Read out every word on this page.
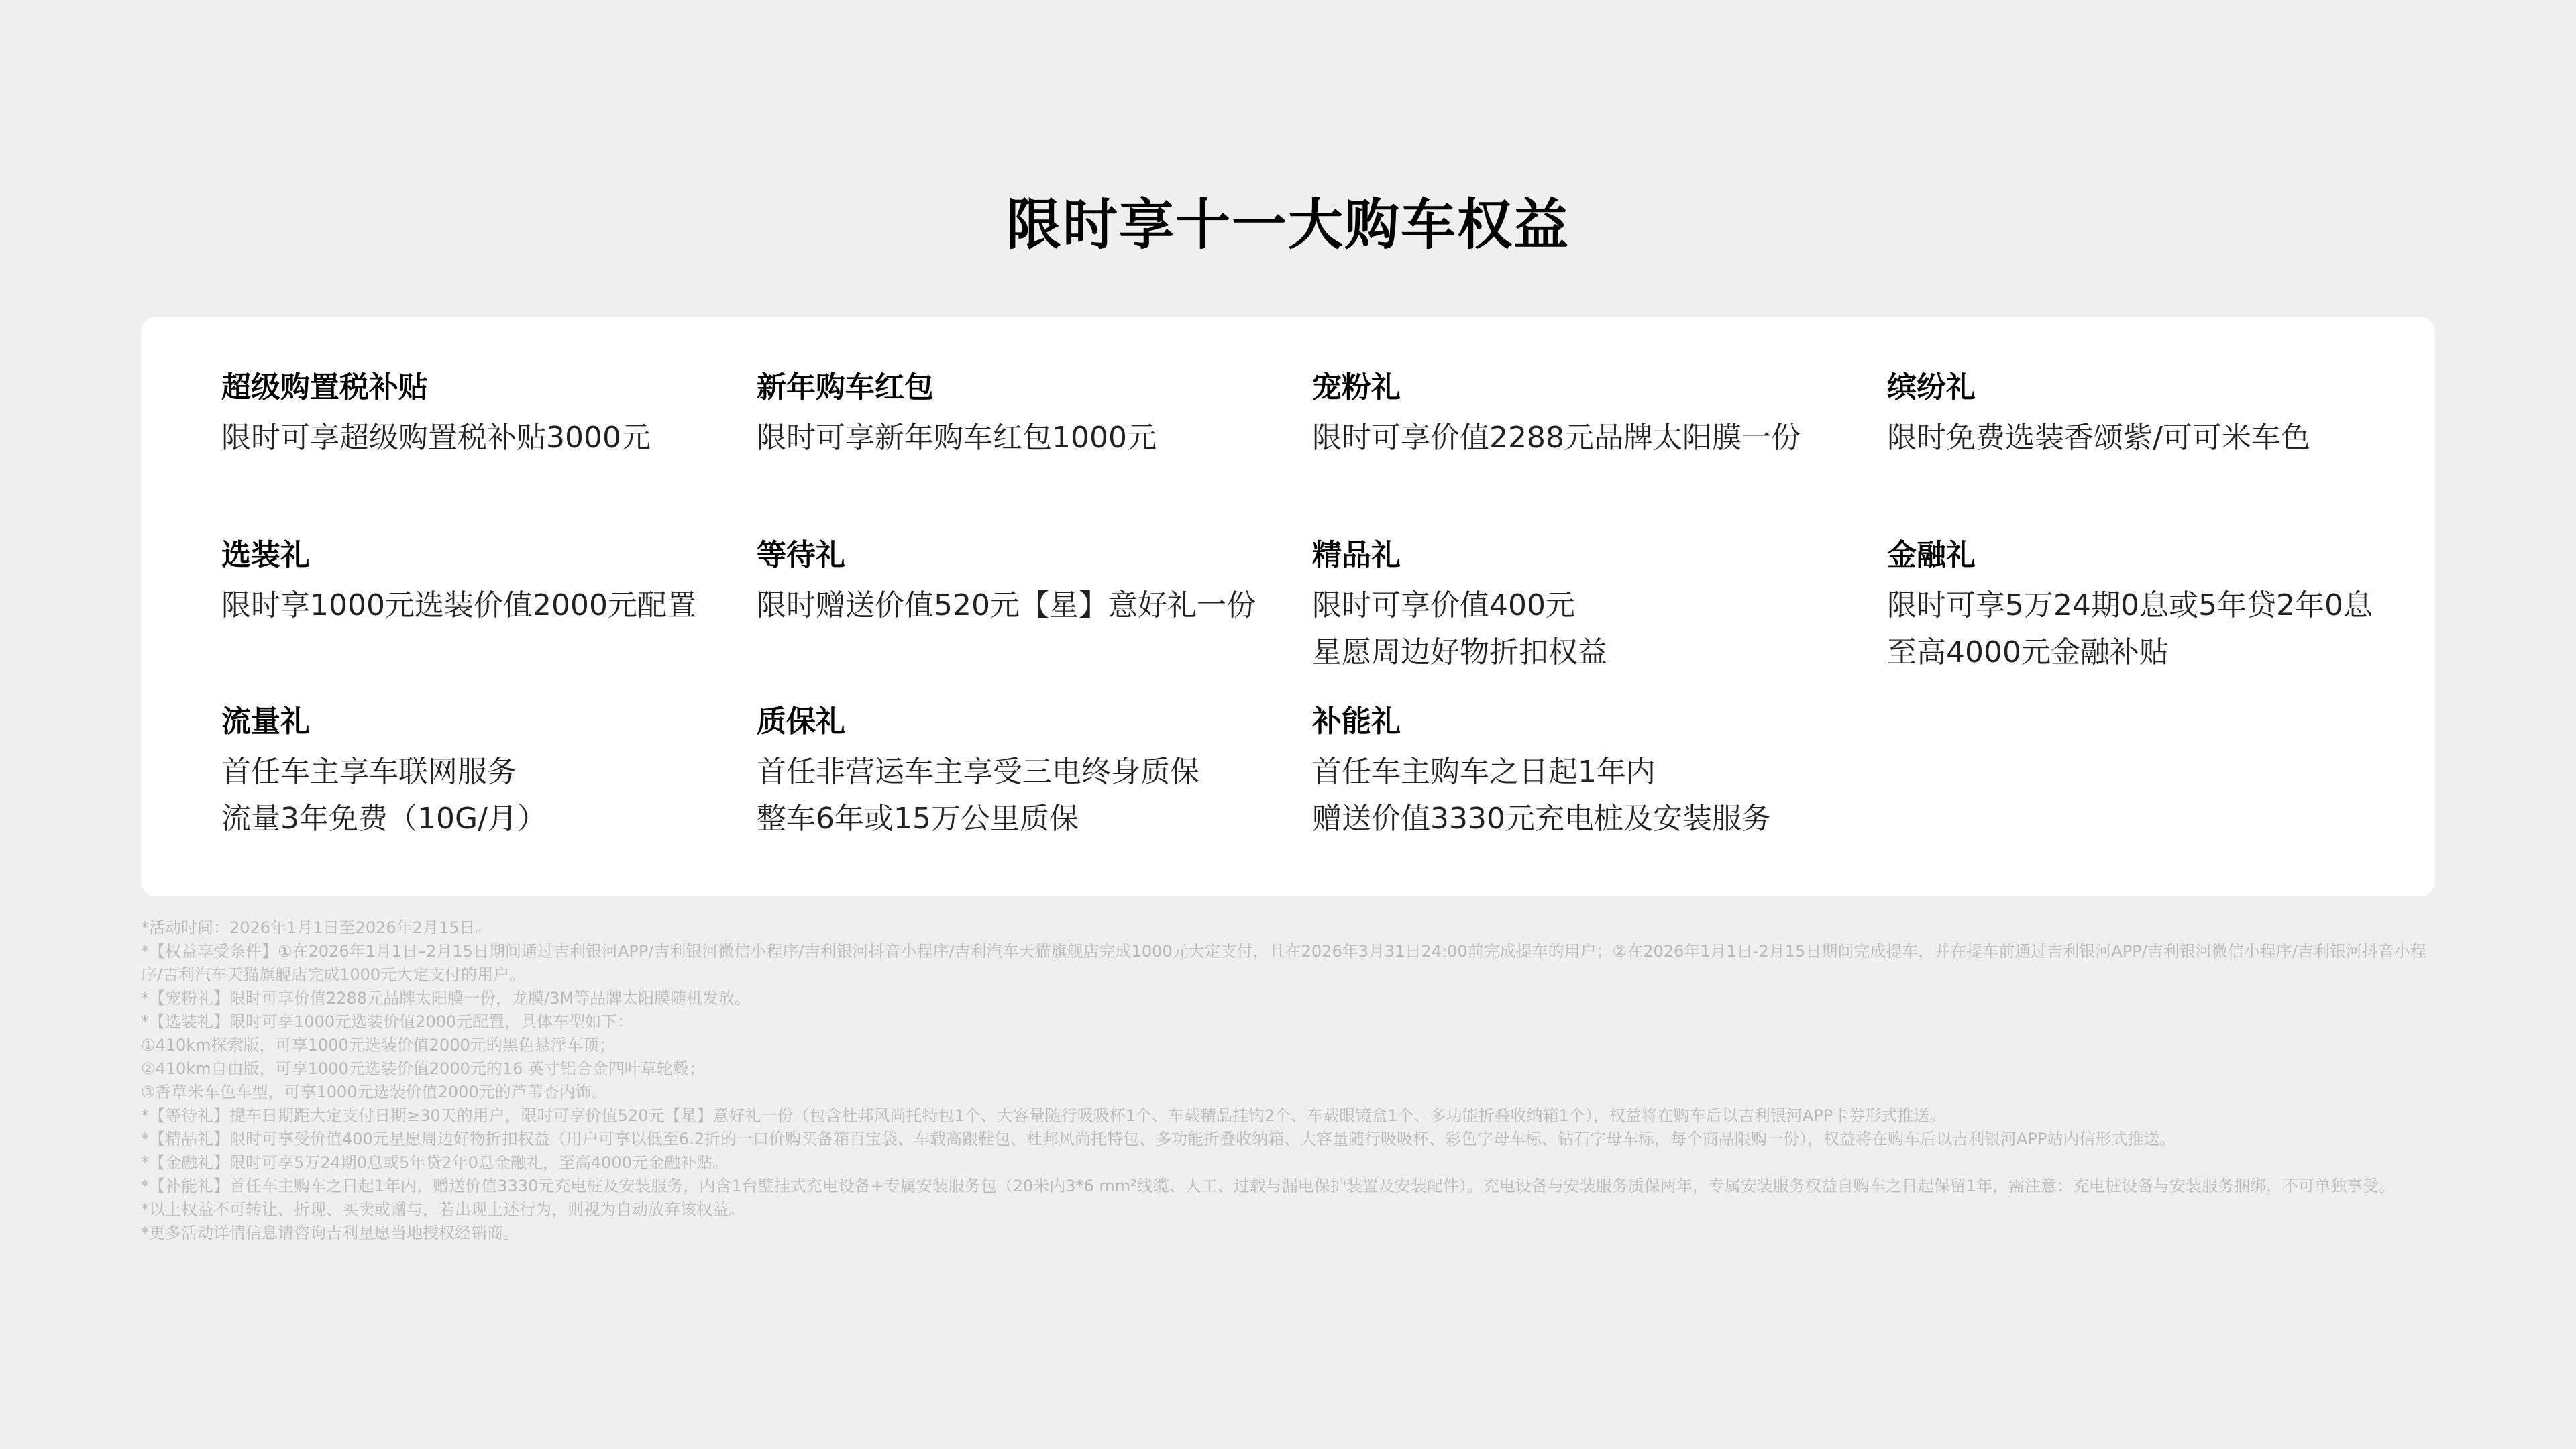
限时享十一大购车权益
超级购置税补贴
限时可享超级购置税补贴3000元
新年购车红包
限时可享新年购车红包1000元
宠粉礼
限时可享价值2288元品牌太阳膜一份
缤纷礼
限时免费选装香颂紫/可可米车色
选装礼
限时享1000元选装价值2000元配置
等待礼
限时赠送价值520元【星】意好礼一份
精品礼
限时可享价值400元
星愿周边好物折扣权益
金融礼
限时可享5万24期0息或5年贷2年0息
至高4000元金融补贴
流量礼
首任车主享车联网服务
流量3年免费（10G/月）
质保礼
首任非营运车主享受三电终身质保
整车6年或15万公里质保
补能礼
首任车主购车之日起1年内
赠送价值3330元充电桩及安装服务

*活动时间：2026年1月1日至2026年2月15日。

*【权益享受条件】①在2026年1月1日–2月15日期间通过吉利银河APP/吉利银河微信小程序/吉利银河抖音小程序/吉利汽车天猫旗舰店完成1000元大定支付，且在2026年3月31日24:00前完成提车的用户；②在2026年1月1日-2月15日期间完成提车，并在提车前通过吉利银河APP/吉利银河微信小程序/吉利银河抖音小程序/吉利汽车天猫旗舰店完成1000元大定支付的用户。

*【宠粉礼】限时可享价值2288元品牌太阳膜一份，龙膜/3M等品牌太阳膜随机发放。

*【选装礼】限时可享1000元选装价值2000元配置，具体车型如下：

①410km探索版，可享1000元选装价值2000元的黑色悬浮车顶；

②410km自由版，可享1000元选装价值2000元的16 英寸铝合金四叶草轮毂；

③香草米车色车型，可享1000元选装价值2000元的芦苇杏内饰。

*【等待礼】提车日期距大定支付日期≥30天的用户，限时可享价值520元【星】意好礼一份（包含杜邦风尚托特包1个、大容量随行吸吸杯1个、车载精品挂钩2个、车载眼镜盒1个、多功能折叠收纳箱1个），权益将在购车后以吉利银河APP卡券形式推送。

*【精品礼】限时可享受价值400元星愿周边好物折扣权益（用户可享以低至6.2折的一口价购买备箱百宝袋、车载高跟鞋包、杜邦风尚托特包、多功能折叠收纳箱、大容量随行吸吸杯、彩色字母车标、钻石字母车标，每个商品限购一份），权益将在购车后以吉利银河APP站内信形式推送。

*【金融礼】限时可享5万24期0息或5年贷2年0息金融礼，至高4000元金融补贴。

*【补能礼】首任车主购车之日起1年内，赠送价值3330元充电桩及安装服务，内含1台壁挂式充电设备+专属安装服务包（20米内3*6 mm²线缆、人工、过载与漏电保护装置及安装配件）。充电设备与安装服务质保两年，专属安装服务权益自购车之日起保留1年，需注意：充电桩设备与安装服务捆绑，不可单独享受。

*以上权益不可转让、折现、买卖或赠与，若出现上述行为，则视为自动放弃该权益。

*更多活动详情信息请咨询吉利星愿当地授权经销商。
